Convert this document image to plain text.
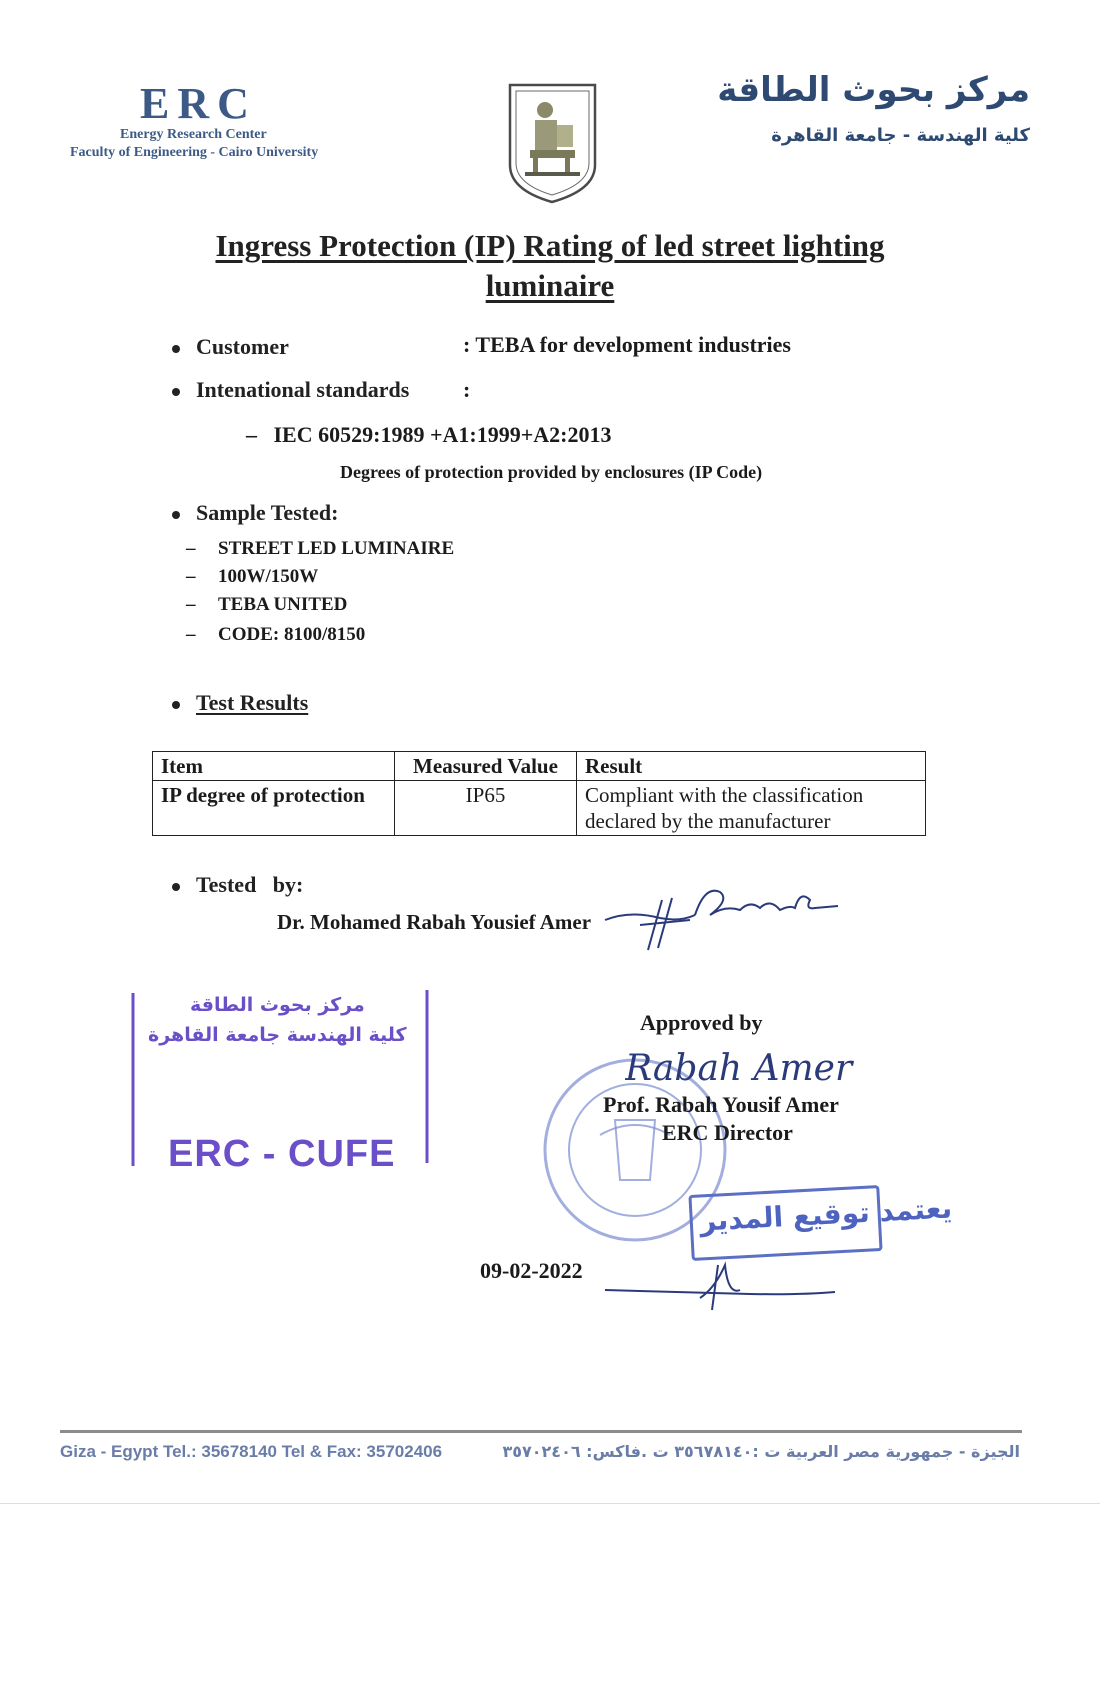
ERC
Energy Research Center
Faculty of Engineering - Cairo University
مركز بحوث الطاقة
كلية الهندسة - جامعة القاهرة
Ingress Protection (IP) Rating of led street lighting
luminaire
Customer	: TEBA for development industries
Intenational standards :
– IEC 60529:1989 +A1:1999+A2:2013
Degrees of protection provided by enclosures (IP Code)
Sample Tested:
– STREET LED LUMINAIRE
– 100W/150W
– TEBA UNITED
– CODE: 8100/8150
Test Results
Item	Measured Value	Result
IP degree of protection	IP65	Compliant with the classification
declared by the manufacturer
Tested   by:
Dr. Mohamed Rabah Yousief Amer
مركز بحوث الطاقة
كلية الهندسة جامعة القاهرة
ERC - CUFE
Approved by
Rabah Amer
Prof. Rabah Yousif Amer
ERC Director
يعتمد توقيع المدير
09-02-2022
Giza - Egypt Tel.: 35678140 Tel & Fax: 35702406	الجيزة - جمهورية مصر العربية ت :٣٥٦٧٨١٤٠ ت .فاكس: ٣٥٧٠٢٤٠٦
